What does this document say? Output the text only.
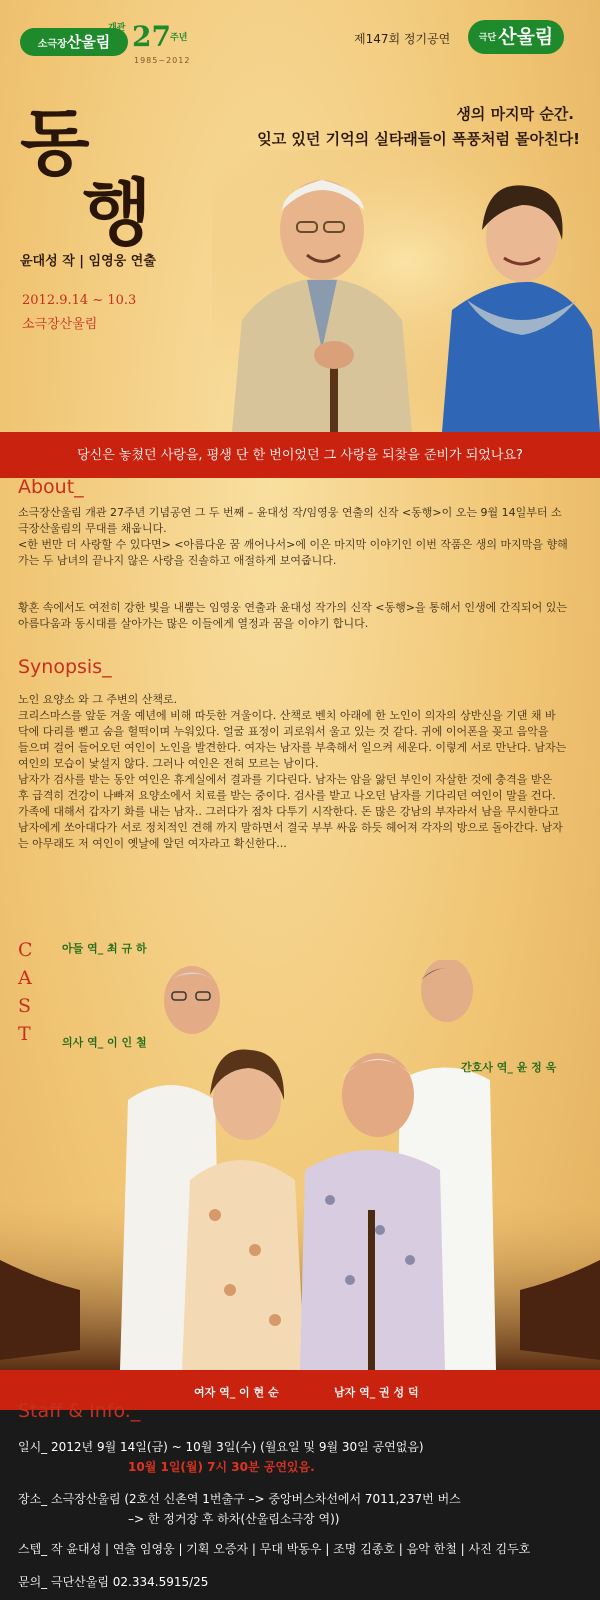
소극장산울림
개관 27 주년
1985~2012
제147회 정기공연	극단 산울림
동
행
윤대성 작 | 임영웅 연출
2012.9.14 ~ 10.3
소극장산울림
생의 마지막 순간.
잊고 있던 기억의 실타래들이 폭풍처럼 몰아친다!
당신은 놓쳤던 사랑을, 평생 단 한 번이었던 그 사랑을 되찾을 준비가 되었나요?
About_
소극장산울림 개관 27주년 기념공연 그 두 번째 – 윤대성 작/임영웅 연출의 신작 <동행>이 오는 9월 14일부터 소
극장산울림의 무대를 채웁니다.
<한 번만 더 사랑할 수 있다면> <아름다운 꿈 깨어나서>에 이은 마지막 이야기인 이번 작품은 생의 마지막을 향해
가는 두 남녀의 끝나지 않은 사랑을 진솔하고 애절하게 보여줍니다.
황혼 속에서도 여전히 강한 빛을 내뿜는 임영웅 연출과 윤대성 작가의 신작 <동행>을 통해서 인생에 간직되어 있는
아름다움과 동시대를 살아가는 많은 이들에게 열정과 꿈을 이야기 합니다.
Synopsis_
노인 요양소 와 그 주변의 산책로.
크리스마스를 앞둔 겨울 예년에 비해 따듯한 겨울이다. 산책로 벤치 아래에 한 노인이 의자의 상반신을 기댄 채 바
닥에 다리를 뻗고 숨을 헐떡이며 누워있다. 얼굴 표정이 괴로워서 울고 있는 것 같다. 귀에 이어폰을 꽂고 음악을
들으며 걸어 들어오던 여인이 노인을 발견한다. 여자는 남자를 부축해서 일으켜 세운다. 이렇게 서로 만난다. 남자는
여인의 모습이 낯설지 않다. 그러나 여인은 전혀 모르는 남이다.
남자가 검사를 받는 동안 여인은 휴게실에서 결과를 기다린다. 남자는 암을 앓던 부인이 자살한 것에 충격을 받은
후 급격히 건강이 나빠져 요양소에서 치료를 받는 중이다. 검사를 받고 나오던 남자를 기다리던 여인이 말을 건다.
가족에 대해서 갑자기 화를 내는 남자.. 그러다가 점차 다투기 시작한다. 돈 많은 강남의 부자라서 남을 무시한다고
남자에게 쏘아대다가 서로 정치적인 견해 까지 말하면서 결국 부부 싸움 하듯 헤어져 각자의 방으로 돌아간다. 남자
는 아무래도 저 여인이 옛날에 알던 여자라고 확신한다...
C
A
S
T
아들 역_ 최 규 하
의사 역_ 이 인 철
간호사 역_ 윤 정 욱
여자 역_ 이 현 순	남자 역_ 권 성 덕
Staff & Info._
일시_ 2012년 9월 14일(금) ~ 10월 3일(수) (월요일 및 9월 30일 공연없음)
10월 1일(월) 7시 30분 공연있음.
장소_ 소극장산울림 (2호선 신촌역 1번출구 –> 중앙버스차선에서 7011,237번 버스
–> 한 정거장 후 하차(산울림소극장 역))
스텝_ 작 윤대성 | 연출 임영웅 | 기획 오증자 | 무대 박동우 | 조명 김종호 | 음악 한철 | 사진 김두호
문의_ 극단산울림 02.334.5915/25
